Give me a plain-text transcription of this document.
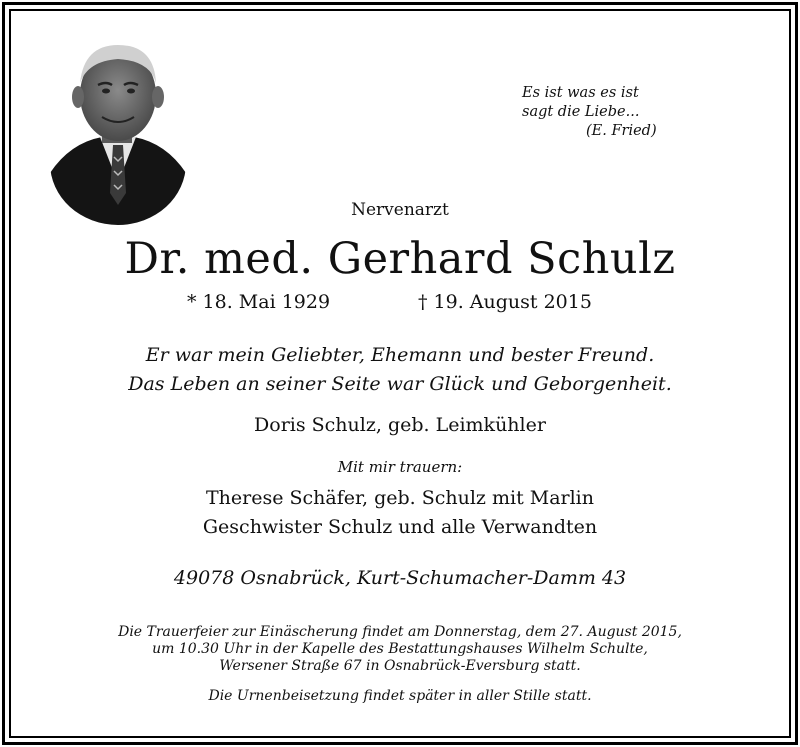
Es ist was es ist
sagt die Liebe...
(E. Fried)
Nervenarzt
Dr. med. Gerhard Schulz
* 18. Mai 1929	† 19. August 2015
Er war mein Geliebter, Ehemann und bester Freund.
Das Leben an seiner Seite war Glück und Geborgenheit.
Doris Schulz, geb. Leimkühler
Mit mir trauern:
Therese Schäfer, geb. Schulz mit Marlin
Geschwister Schulz und alle Verwandten
49078 Osnabrück, Kurt-Schumacher-Damm 43
Die Trauerfeier zur Einäscherung findet am Donnerstag, dem 27. August 2015,
um 10.30 Uhr in der Kapelle des Bestattungshauses Wilhelm Schulte,
Wersener Straße 67 in Osnabrück-Eversburg statt.
Die Urnenbeisetzung findet später in aller Stille statt.
